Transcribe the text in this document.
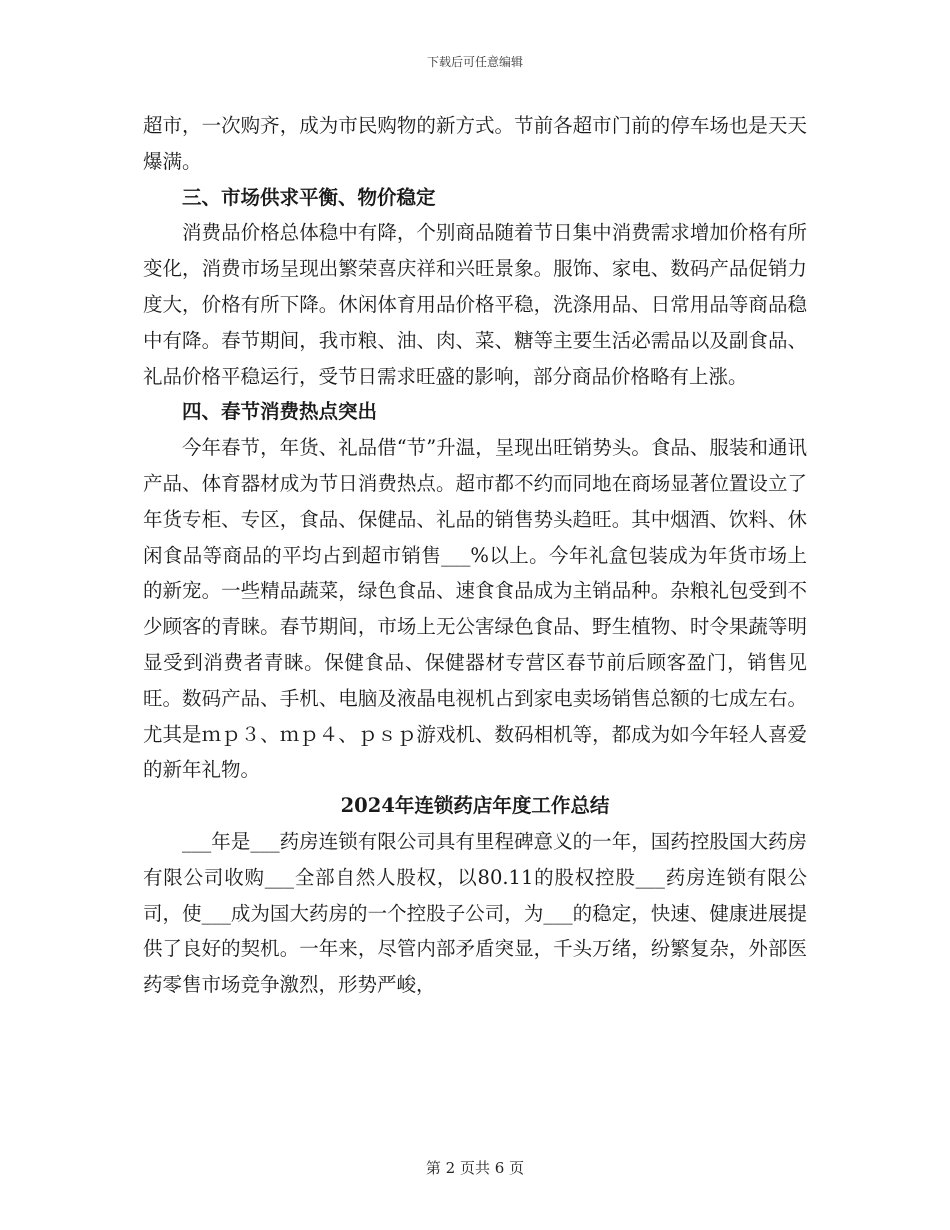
下载后可任意编辑

超市，一次购齐，成为市民购物的新方式。节前各超市门前的停车场也是天天爆满。

三、市场供求平衡、物价稳定

消费品价格总体稳中有降，个别商品随着节日集中消费需求增加价格有所变化，消费市场呈现出繁荣喜庆祥和兴旺景象。服饰、家电、数码产品促销力度大，价格有所下降。休闲体育用品价格平稳，洗涤用品、日常用品等商品稳中有降。春节期间，我市粮、油、肉、菜、糖等主要生活必需品以及副食品、礼品价格平稳运行，受节日需求旺盛的影响，部分商品价格略有上涨。

四、春节消费热点突出

今年春节，年货、礼品借“节”升温，呈现出旺销势头。食品、服装和通讯产品、体育器材成为节日消费热点。超市都不约而同地在商场显著位置设立了年货专柜、专区，食品、保健品、礼品的销售势头趋旺。其中烟酒、饮料、休闲食品等商品的平均占到超市销售___%以上。今年礼盒包装成为年货市场上的新宠。一些精品蔬菜，绿色食品、速食食品成为主销品种。杂粮礼包受到不少顾客的青睐。春节期间，市场上无公害绿色食品、野生植物、时令果蔬等明显受到消费者青睐。保健食品、保健器材专营区春节前后顾客盈门，销售见旺。数码产品、手机、电脑及液晶电视机占到家电卖场销售总额的七成左右。尤其是ｍｐ３、ｍｐ４、ｐｓｐ游戏机、数码相机等，都成为如今年轻人喜爱的新年礼物。

2024年连锁药店年度工作总结

___年是___药房连锁有限公司具有里程碑意义的一年，国药控股国大药房有限公司收购___全部自然人股权，以80.11的股权控股___药房连锁有限公司，使___成为国大药房的一个控股子公司，为___的稳定，快速、健康进展提供了良好的契机。一年来，尽管内部矛盾突显，千头万绪，纷繁复杂，外部医药零售市场竞争激烈，形势严峻，

第 2 页共 6 页
